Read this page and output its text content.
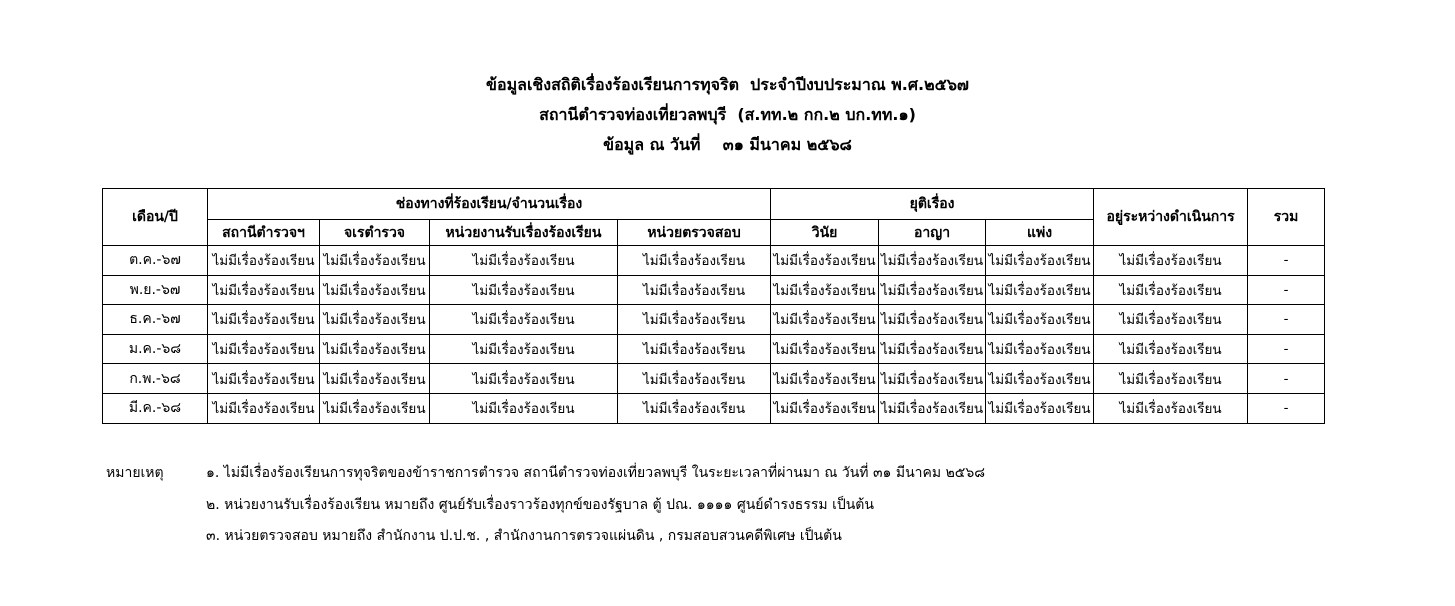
ข้อมูลเชิงสถิติเรื่องร้องเรียนการทุจริต  ประจำปีงบประมาณ พ.ศ.๒๕๖๗
สถานีตำรวจท่องเที่ยวลพบุรี  (ส.ทท.๒ กก.๒ บก.ทท.๑)
ข้อมูล ณ วันที่    ๓๑ มีนาคม ๒๕๖๘
เดือน/ปี	ช่องทางที่ร้องเรียน/จำนวนเรื่อง				ยุติเรื่อง			อยู่ระหว่างดำเนินการ	รวม
	สถานีตำรวจฯ	จเรตำรวจ	หน่วยงานรับเรื่องร้องเรียน	หน่วยตรวจสอบ	วินัย	อาญา	แพ่ง		
ต.ค.-๖๗	ไม่มีเรื่องร้องเรียน	ไม่มีเรื่องร้องเรียน	ไม่มีเรื่องร้องเรียน	ไม่มีเรื่องร้องเรียน	ไม่มีเรื่องร้องเรียน	ไม่มีเรื่องร้องเรียน	ไม่มีเรื่องร้องเรียน	ไม่มีเรื่องร้องเรียน	-
พ.ย.-๖๗	ไม่มีเรื่องร้องเรียน	ไม่มีเรื่องร้องเรียน	ไม่มีเรื่องร้องเรียน	ไม่มีเรื่องร้องเรียน	ไม่มีเรื่องร้องเรียน	ไม่มีเรื่องร้องเรียน	ไม่มีเรื่องร้องเรียน	ไม่มีเรื่องร้องเรียน	-
ธ.ค.-๖๗	ไม่มีเรื่องร้องเรียน	ไม่มีเรื่องร้องเรียน	ไม่มีเรื่องร้องเรียน	ไม่มีเรื่องร้องเรียน	ไม่มีเรื่องร้องเรียน	ไม่มีเรื่องร้องเรียน	ไม่มีเรื่องร้องเรียน	ไม่มีเรื่องร้องเรียน	-
ม.ค.-๖๘	ไม่มีเรื่องร้องเรียน	ไม่มีเรื่องร้องเรียน	ไม่มีเรื่องร้องเรียน	ไม่มีเรื่องร้องเรียน	ไม่มีเรื่องร้องเรียน	ไม่มีเรื่องร้องเรียน	ไม่มีเรื่องร้องเรียน	ไม่มีเรื่องร้องเรียน	-
ก.พ.-๖๘	ไม่มีเรื่องร้องเรียน	ไม่มีเรื่องร้องเรียน	ไม่มีเรื่องร้องเรียน	ไม่มีเรื่องร้องเรียน	ไม่มีเรื่องร้องเรียน	ไม่มีเรื่องร้องเรียน	ไม่มีเรื่องร้องเรียน	ไม่มีเรื่องร้องเรียน	-
มี.ค.-๖๘	ไม่มีเรื่องร้องเรียน	ไม่มีเรื่องร้องเรียน	ไม่มีเรื่องร้องเรียน	ไม่มีเรื่องร้องเรียน	ไม่มีเรื่องร้องเรียน	ไม่มีเรื่องร้องเรียน	ไม่มีเรื่องร้องเรียน	ไม่มีเรื่องร้องเรียน	-
หมายเหตุ	๑. ไม่มีเรื่องร้องเรียนการทุจริตของข้าราชการตำรวจ สถานีตำรวจท่องเที่ยวลพบุรี ในระยะเวลาที่ผ่านมา ณ วันที่ ๓๑ มีนาคม ๒๕๖๘
๒. หน่วยงานรับเรื่องร้องเรียน หมายถึง ศูนย์รับเรื่องราวร้องทุกข์ของรัฐบาล ตู้ ปณ. ๑๑๑๑ ศูนย์ดำรงธรรม เป็นต้น
๓. หน่วยตรวจสอบ หมายถึง สำนักงาน ป.ป.ช. , สำนักงานการตรวจแผ่นดิน , กรมสอบสวนคดีพิเศษ เป็นต้น
